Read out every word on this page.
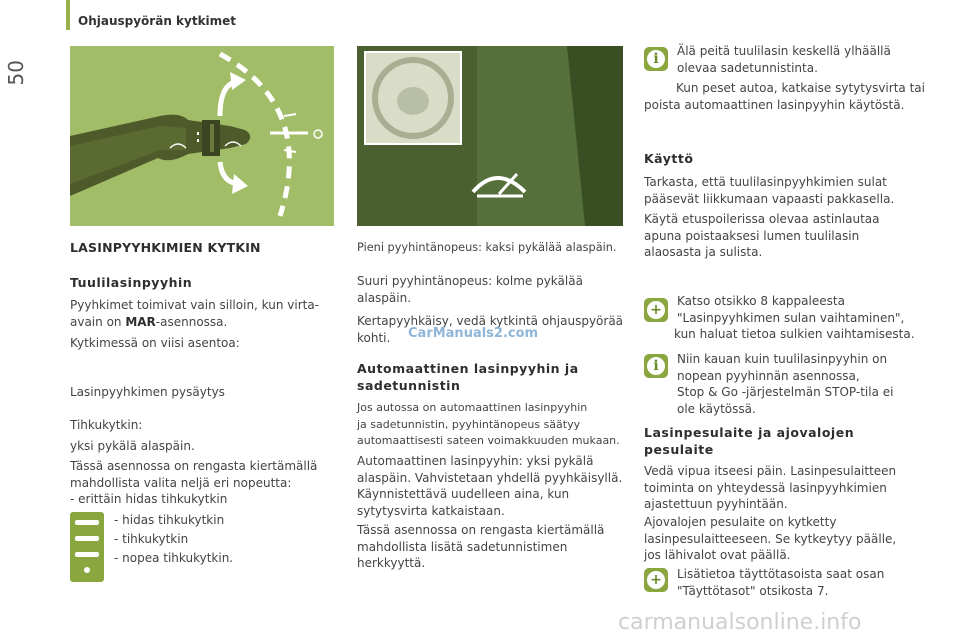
50
Ohjauspyörän kytkimet
LASINPYYHKIMIEN KYTKIN
Tuulilasinpyyhin
Pyyhkimet toimivat vain silloin, kun virta-
avain on MAR-asennossa.
Kytkimessä on viisi asentoa:
Lasinpyyhkimen pysäytys
Tihkukytkin:
yksi pykälä alaspäin.
Tässä asennossa on rengasta kiertämällä
mahdollista valita neljä eri nopeutta:
- erittäin hidas tihkukytkin
- hidas tihkukytkin
- tihkukytkin
- nopea tihkukytkin.
Pieni pyyhintänopeus: kaksi pykälää alaspäin.
Suuri pyyhintänopeus: kolme pykälää
alaspäin.
Kertapyyhkäisy, vedä kytkintä ohjauspyörää
kohti.	CarManuals2.com
Automaattinen lasinpyyhin ja
sadetunnistin
Jos autossa on automaattinen lasinpyyhin
ja sadetunnistin, pyyhintänopeus säätyy
automaattisesti sateen voimakkuuden mukaan.
Automaattinen lasinpyyhin: yksi pykälä
alaspäin. Vahvistetaan yhdellä pyyhkäisyllä.
Käynnistettävä uudelleen aina, kun
sytytysvirta katkaistaan.
Tässä asennossa on rengasta kiertämällä
mahdollista lisätä sadetunnistimen
herkkyyttä.
i	Älä peitä tuulilasin keskellä ylhäällä
olevaa sadetunnistinta.
Kun peset autoa, katkaise sytytysvirta tai
poista automaattinen lasinpyyhin käytöstä.
Käyttö
Tarkasta, että tuulilasinpyyhkimien sulat
pääsevät liikkumaan vapaasti pakkasella.
Käytä etuspoilerissa olevaa astinlautaa
apuna poistaaksesi lumen tuulilasin
alaosasta ja sulista.
+
Katso otsikko 8 kappaleesta
"Lasinpyyhkimen sulan vaihtaminen",
kun haluat tietoa sulkien vaihtamisesta.
i	Niin kauan kuin tuulilasinpyyhin on
nopean pyyhinnän asennossa,
Stop & Go -järjestelmän STOP-tila ei
ole käytössä.
Lasinpesulaite ja ajovalojen
pesulaite
Vedä vipua itseesi päin. Lasinpesulaitteen
toiminta on yhteydessä lasinpyyhkimien
ajastettuun pyyhintään.
Ajovalojen pesulaite on kytketty
lasinpesulaitteeseen. Se kytkeytyy päälle,
jos lähivalot ovat päällä.
+ Lisätietoa täyttötasoista saat osan
"Täyttötasot" otsikosta 7.
carmanualsonline.info
